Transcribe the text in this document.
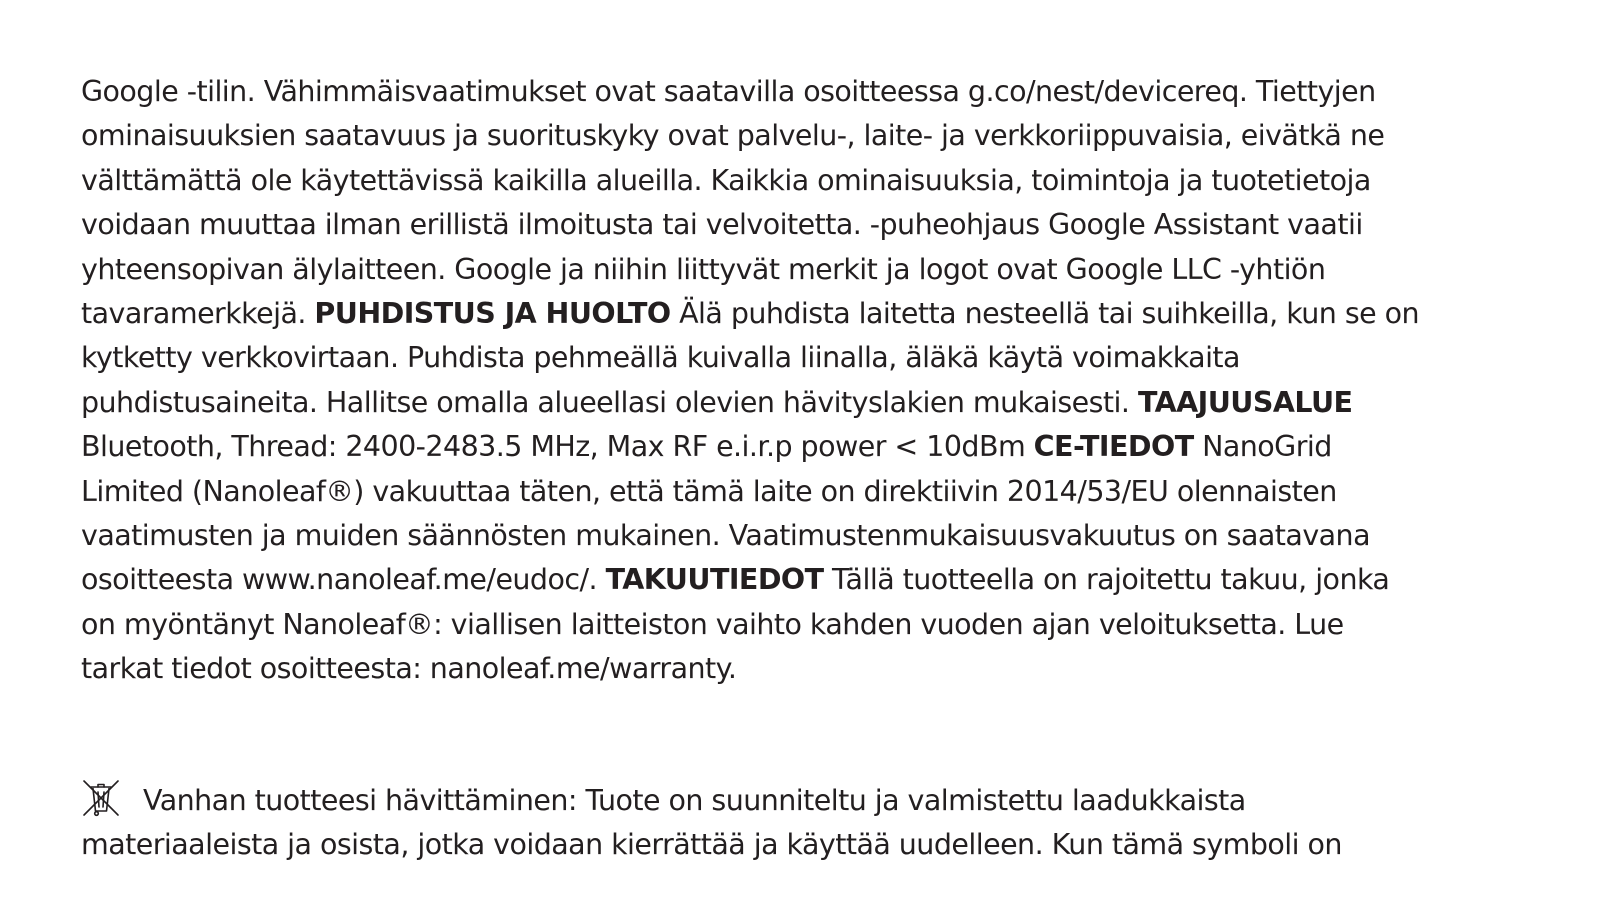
Google -tilin. Vähimmäisvaatimukset ovat saatavilla osoitteessa g.co/nest/devicereq. Tiettyjen
ominaisuuksien saatavuus ja suorituskyky ovat palvelu-, laite- ja verkkoriippuvaisia, eivätkä ne
välttämättä ole käytettävissä kaikilla alueilla. Kaikkia ominaisuuksia, toimintoja ja tuotetietoja
voidaan muuttaa ilman erillistä ilmoitusta tai velvoitetta. -puheohjaus Google Assistant vaatii
yhteensopivan älylaitteen. Google ja niihin liittyvät merkit ja logot ovat Google LLC -yhtiön
tavaramerkkejä. PUHDISTUS JA HUOLTO Älä puhdista laitetta nesteellä tai suihkeilla, kun se on
kytketty verkkovirtaan. Puhdista pehmeällä kuivalla liinalla, äläkä käytä voimakkaita
puhdistusaineita. Hallitse omalla alueellasi olevien hävityslakien mukaisesti. TAAJUUSALUE
Bluetooth, Thread: 2400-2483.5 MHz, Max RF e.i.r.p power < 10dBm CE-TIEDOT NanoGrid
Limited (Nanoleaf®) vakuuttaa täten, että tämä laite on direktiivin 2014/53/EU olennaisten
vaatimusten ja muiden säännösten mukainen. Vaatimustenmukaisuusvakuutus on saatavana
osoitteesta www.nanoleaf.me/eudoc/. TAKUUTIEDOT Tällä tuotteella on rajoitettu takuu, jonka
on myöntänyt Nanoleaf®: viallisen laitteiston vaihto kahden vuoden ajan veloituksetta. Lue
tarkat tiedot osoitteesta: nanoleaf.me/warranty.
Vanhan tuotteesi hävittäminen: Tuote on suunniteltu ja valmistettu laadukkaista
materiaaleista ja osista, jotka voidaan kierrättää ja käyttää uudelleen. Kun tämä symboli on
